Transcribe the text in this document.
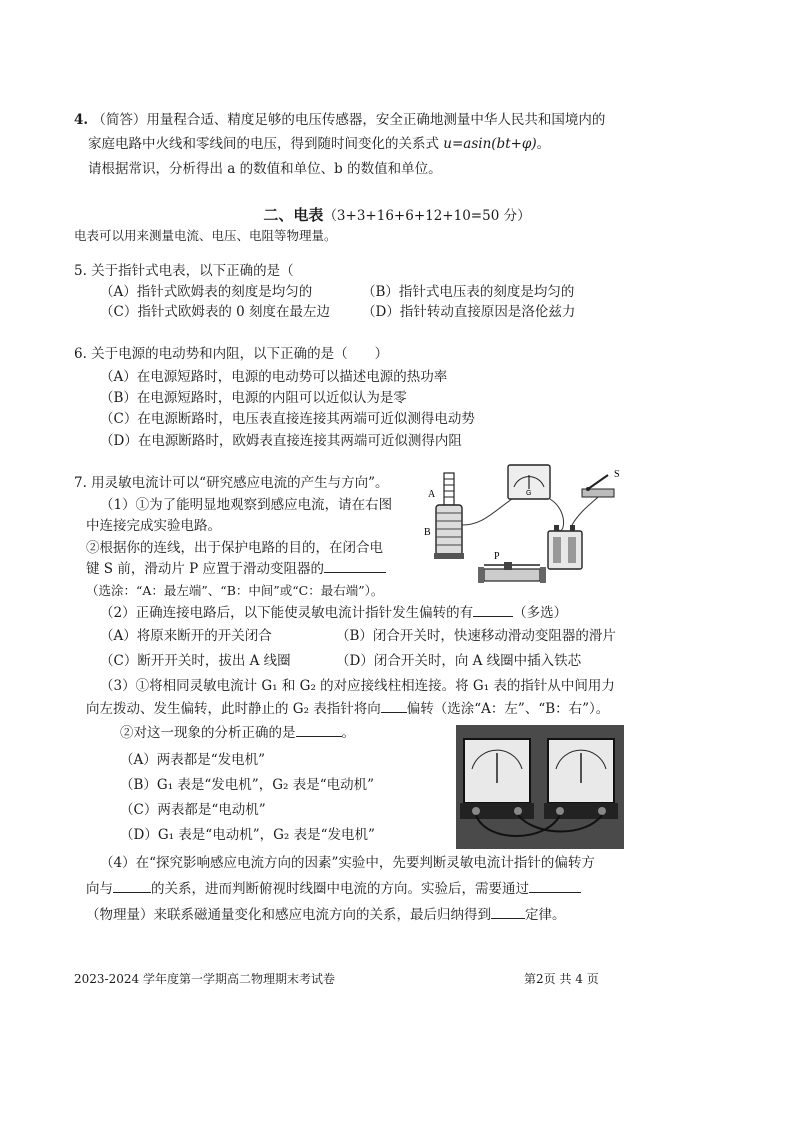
4. （简答）用量程合适、精度足够的电压传感器，安全正确地测量中华人民共和国境内的
家庭电路中火线和零线间的电压，得到随时间变化的关系式 u=asin(bt+φ)。
请根据常识，分析得出 a 的数值和单位、b 的数值和单位。
二、电表（3+3+16+6+12+10=50 分）
电表可以用来测量电流、电压、电阻等物理量。
5. 关于指针式电表，以下正确的是（
（A）指针式欧姆表的刻度是均匀的	（B）指针式电压表的刻度是均匀的
（C）指针式欧姆表的 0 刻度在最左边 （D）指针转动直接原因是洛伦兹力
6. 关于电源的电动势和内阻，以下正确的是（　　）
（A）在电源短路时，电源的电动势可以描述电源的热功率
（B）在电源短路时，电源的内阻可以近似认为是零
（C）在电源断路时，电压表直接连接其两端可近似测得电动势
（D）在电源断路时，欧姆表直接连接其两端可近似测得内阻
7. 用灵敏电流计可以“研究感应电流的产生与方向”。
（1）①为了能明显地观察到感应电流，请在右图
中连接完成实验电路。
②根据你的连线，出于保护电路的目的，在闭合电
键 S 前，滑动片 P 应置于滑动变阻器的
（选涂：“A：最左端”、“B：中间”或“C：最右端”）。
A
B
G
S
P
（2）正确连接电路后，以下能使灵敏电流计指针发生偏转的有	（多选）
（A）将原来断开的开关闭合	（B）闭合开关时，快速移动滑动变阻器的滑片
（C）断开开关时，拔出 A 线圈	（D）闭合开关时，向 A 线圈中插入铁芯
（3）①将相同灵敏电流计 G₁ 和 G₂ 的对应接线柱相连接。将 G₁ 表的指针从中间用力
向左拨动、发生偏转，此时静止的 G₂ 表指针将向 偏转（选涂“A：左”、“B：右”）。
②对这一现象的分析正确的是	。
（A）两表都是“发电机”
（B）G₁ 表是“发电机”，G₂ 表是“电动机”
（C）两表都是“电动机”
（D）G₁ 表是“电动机”，G₂ 表是“发电机”
（4）在“探究影响感应电流方向的因素”实验中，先要判断灵敏电流计指针的偏转方
向与	的关系，进而判断俯视时线圈中电流的方向。实验后，需要通过
（物理量）来联系磁通量变化和感应电流方向的关系，最后归纳得到	定律。
2023-2024 学年度第一学期高二物理期末考试卷	第2页 共 4 页
